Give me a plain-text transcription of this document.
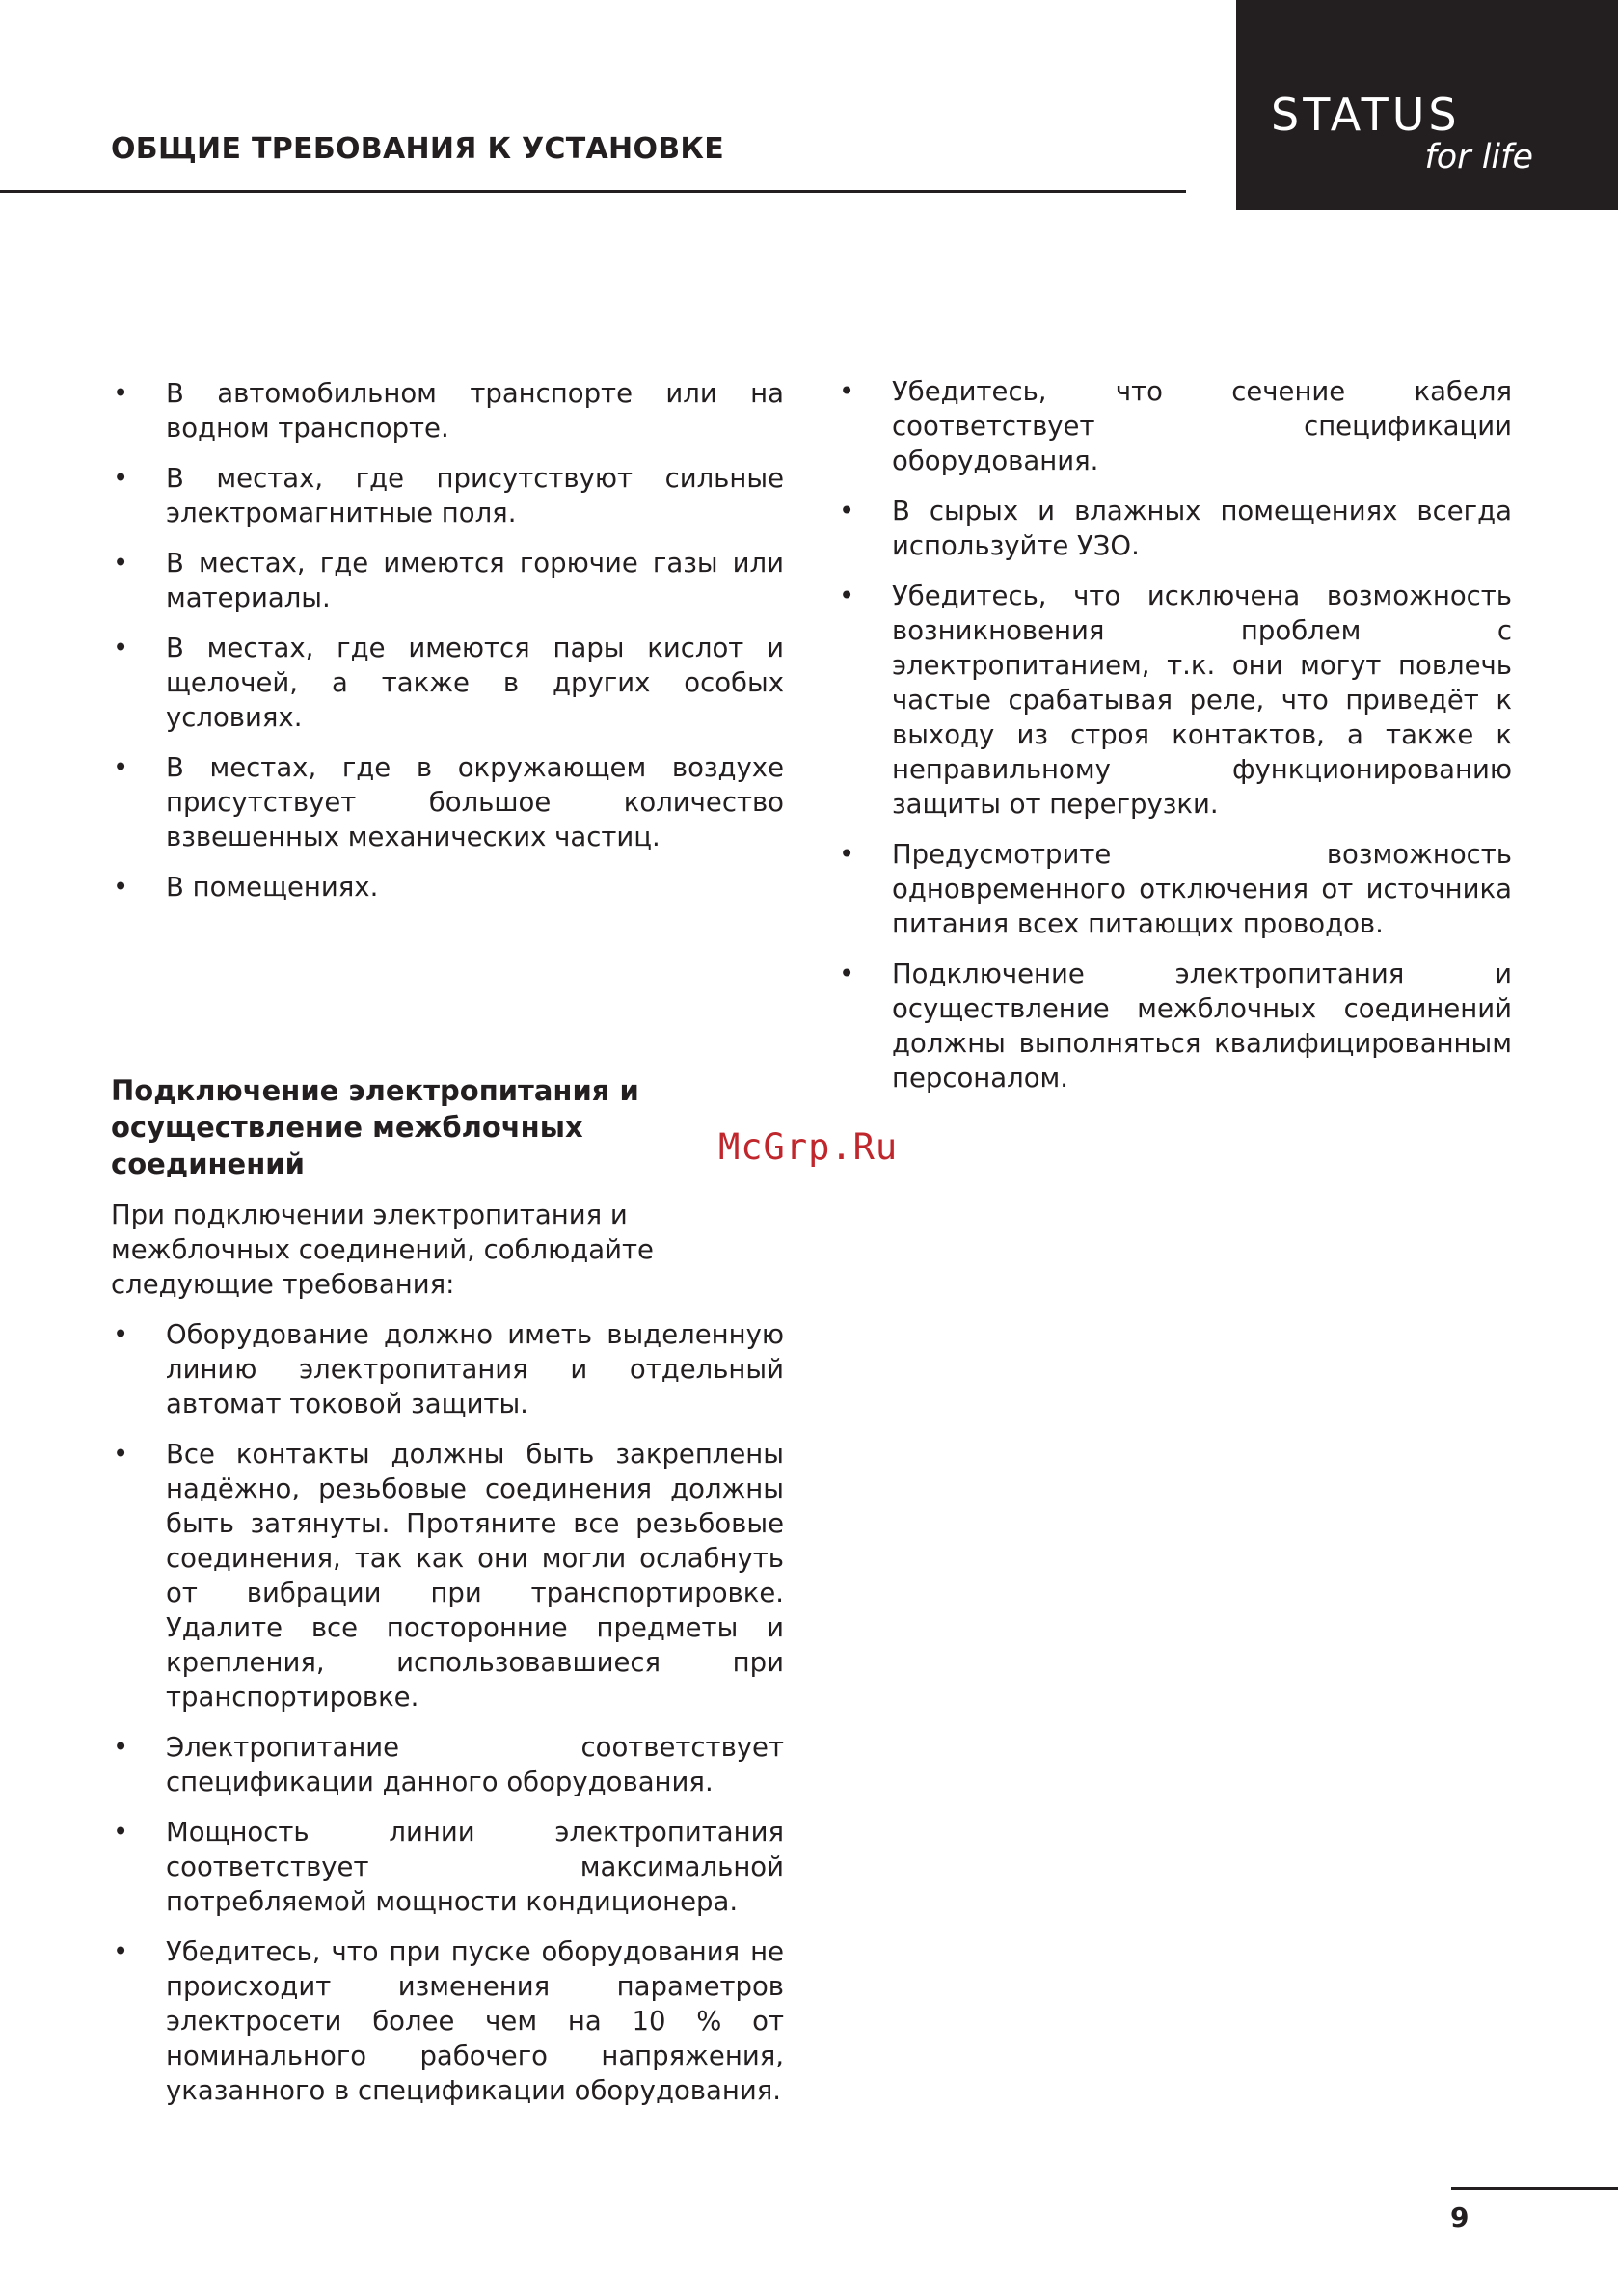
ОБЩИЕ ТРЕБОВАНИЯ К УСТАНОВКЕ
STATUS
for life
• В автомобильном транспорте или на водном транспорте.
• В местах, где присутствуют сильные электромагнитные поля.
• В местах, где имеются горючие газы или материалы.
• В местах, где имеются пары кислот и щелочей, а также в других особых условиях.
• В местах, где в окружающем воздухе присутствует большое количество взвешенных механических частиц.
• В помещениях.
• Убедитесь, что сечение кабеля соответствует спецификации оборудования.
• В сырых и влажных помещениях всегда используйте УЗО.
• Убедитесь, что исключена возможность возникновения проблем с электропитанием, т.к. они могут повлечь частые срабатывая реле, что приведёт к выходу из строя контактов, а также к неправильному функционированию защиты от перегрузки.
• Предусмотрите возможность одновременного отключения от источника питания всех питающих проводов.
• Подключение электропитания и осуществление межблочных соединений должны выполняться квалифицированным персоналом.
McGrp.Ru
Подключение электропитания и осуществление межблочных соединений
При подключении электропитания и межблочных соединений, соблюдайте следующие требования:
• Оборудование должно иметь выделенную линию электропитания и отдельный автомат токовой защиты.
• Все контакты должны быть закреплены надёжно, резьбовые соединения должны быть затянуты. Протяните все резьбовые соединения, так как они могли ослабнуть от вибрации при транспортировке. Удалите все посторонние предметы и крепления, использовавшиеся при транспортировке.
• Электропитание соответствует спецификации данного оборудования.
• Мощность линии электропитания соответствует максимальной потребляемой мощности кондиционера.
• Убедитесь, что при пуске оборудования не происходит изменения параметров электросети более чем на 10 % от номинального рабочего напряжения, указанного в спецификации оборудования.
9
